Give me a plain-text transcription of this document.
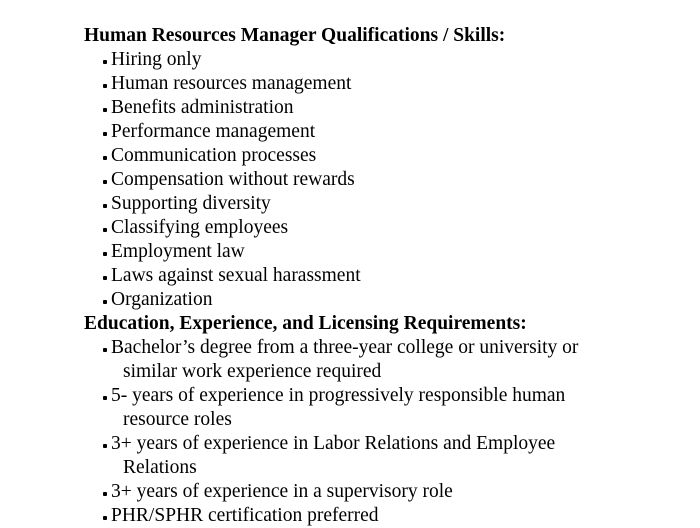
Human Resources Manager Qualifications / Skills:
Hiring only
Human resources management
Benefits administration
Performance management
Communication processes
Compensation without rewards
Supporting diversity
Classifying employees
Employment law
Laws against sexual harassment
Organization
Education, Experience, and Licensing Requirements:
Bachelor’s degree from a three-year college or university or
similar work experience required
5- years of experience in progressively responsible human
resource roles
3+ years of experience in Labor Relations and Employee
Relations
3+ years of experience in a supervisory role
PHR/SPHR certification preferred
